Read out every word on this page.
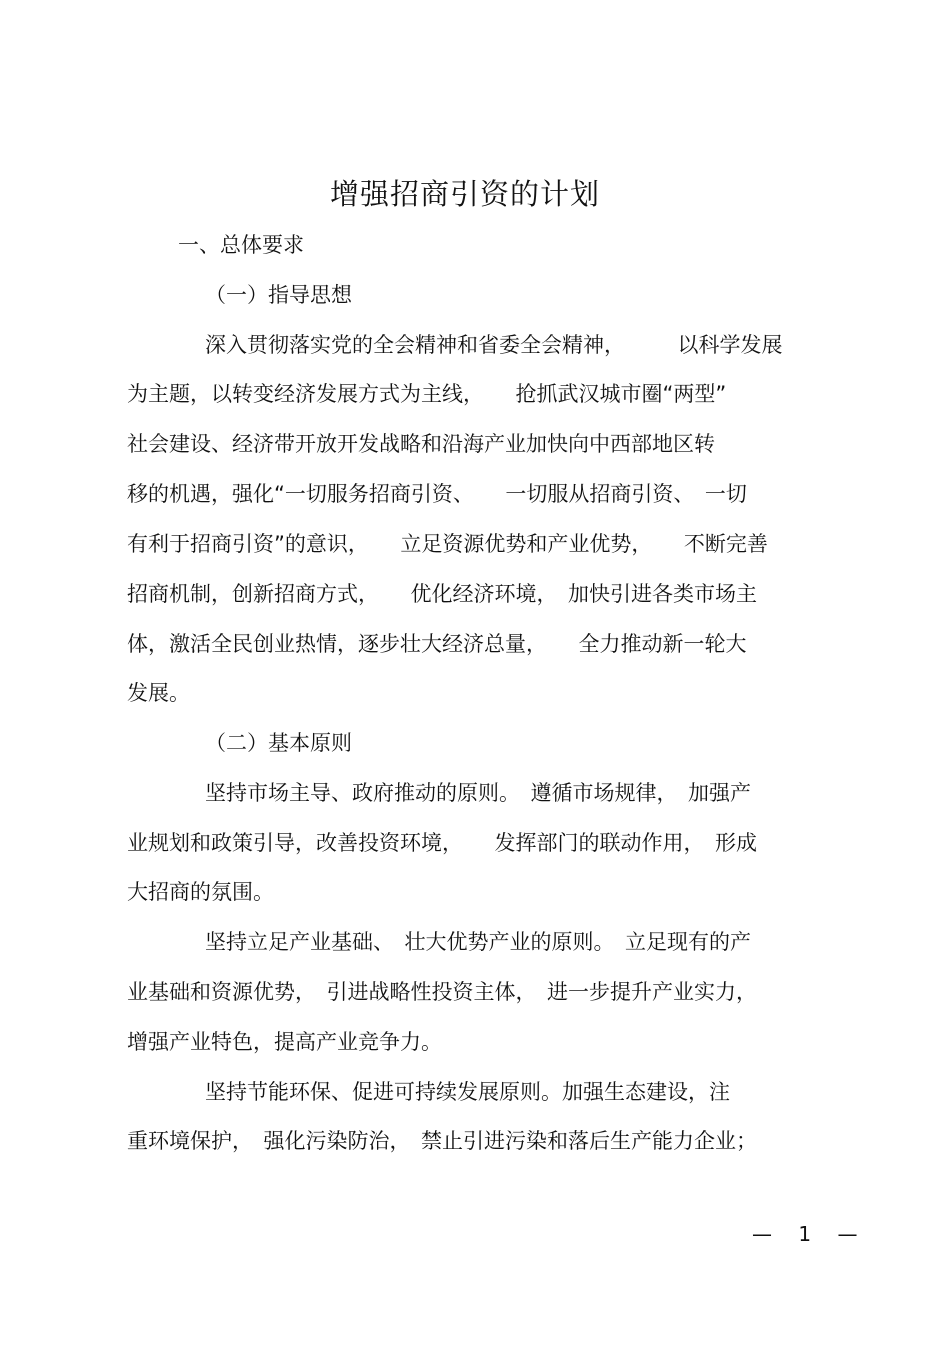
增强招商引资的计划
一、总体要求
（一）指导思想
深入贯彻落实党的全会精神和省委全会精神，　　　以科学发展
为主题，以转变经济发展方式为主线，　　抢抓武汉城市圈“两型”
社会建设、经济带开放开发战略和沿海产业加快向中西部地区转
移的机遇，强化“一切服务招商引资、　　一切服从招商引资、　一切
有利于招商引资”的意识，　　立足资源优势和产业优势，　　不断完善
招商机制，创新招商方式，　　优化经济环境，　加快引进各类市场主
体，激活全民创业热情，逐步壮大经济总量，　　全力推动新一轮大
发展。
（二）基本原则
坚持市场主导、政府推动的原则。　遵循市场规律，　加强产
业规划和政策引导，改善投资环境，　　发挥部门的联动作用，　形成
大招商的氛围。
坚持立足产业基础、　壮大优势产业的原则。　立足现有的产
业基础和资源优势，　引进战略性投资主体，　进一步提升产业实力，
增强产业特色，提高产业竞争力。
坚持节能环保、促进可持续发展原则。加强生态建设，注
重环境保护，　强化污染防治，　禁止引进污染和落后生产能力企业；
— 1 —
